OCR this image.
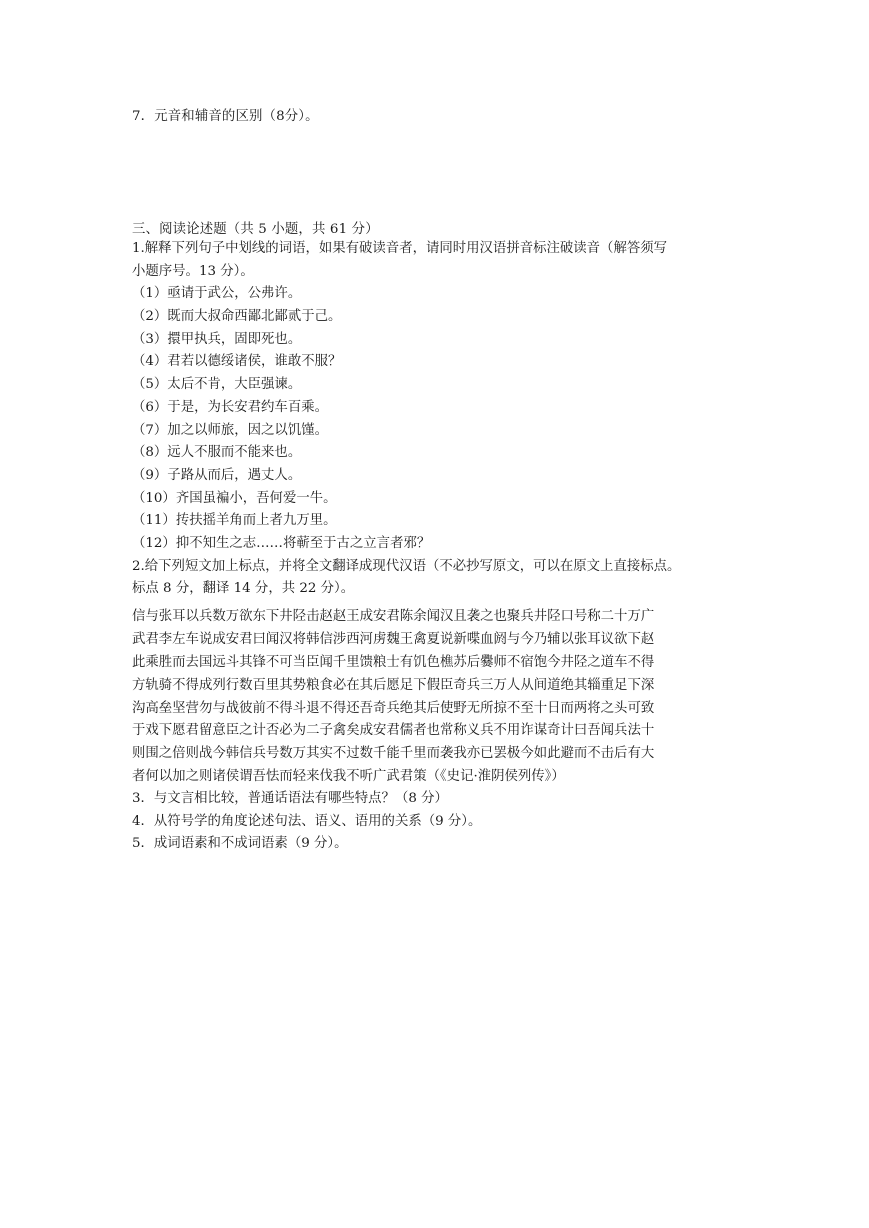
7．元音和辅音的区别（8分）。
三、阅读论述题（共 5 小题，共 61 分）
1.解释下列句子中划线的词语，如果有破读音者，请同时用汉语拼音标注破读音（解答须写
小题序号。13 分）。
（1）亟请于武公，公弗许。
（2）既而大叔命西鄙北鄙贰于己。
（3）擐甲执兵，固即死也。
（4）君若以德绥诸侯，谁敢不服？
（5）太后不肯，大臣强谏。
（6）于是，为长安君约车百乘。
（7）加之以师旅，因之以饥馑。
（8）远人不服而不能来也。
（9）子路从而后，遇丈人。
（10）齐国虽褊小，吾何爱一牛。
（11）抟扶摇羊角而上者九万里。
（12）抑不知生之志……将蕲至于古之立言者邪？
2.给下列短文加上标点，并将全文翻译成现代汉语（不必抄写原文，可以在原文上直接标点。
标点 8 分，翻译 14 分，共 22 分）。
信与张耳以兵数万欲东下井陉击赵赵王成安君陈余闻汉且袭之也聚兵井陉口号称二十万广
武君李左车说成安君曰闻汉将韩信涉西河虏魏王禽夏说新喋血阏与今乃辅以张耳议欲下赵
此乘胜而去国远斗其锋不可当臣闻千里馈粮士有饥色樵苏后爨师不宿饱今井陉之道车不得
方轨骑不得成列行数百里其势粮食必在其后愿足下假臣奇兵三万人从间道绝其辎重足下深
沟高垒坚营勿与战彼前不得斗退不得还吾奇兵绝其后使野无所掠不至十日而两将之头可致
于戏下愿君留意臣之计否必为二子禽矣成安君儒者也常称义兵不用诈谋奇计曰吾闻兵法十
则围之倍则战今韩信兵号数万其实不过数千能千里而袭我亦已罢极今如此避而不击后有大
者何以加之则诸侯谓吾怯而轻来伐我不听广武君策（《史记·淮阴侯列传》）
3．与文言相比较，普通话语法有哪些特点？（8 分）
4．从符号学的角度论述句法、语义、语用的关系（9 分）。
5．成词语素和不成词语素（9 分）。
